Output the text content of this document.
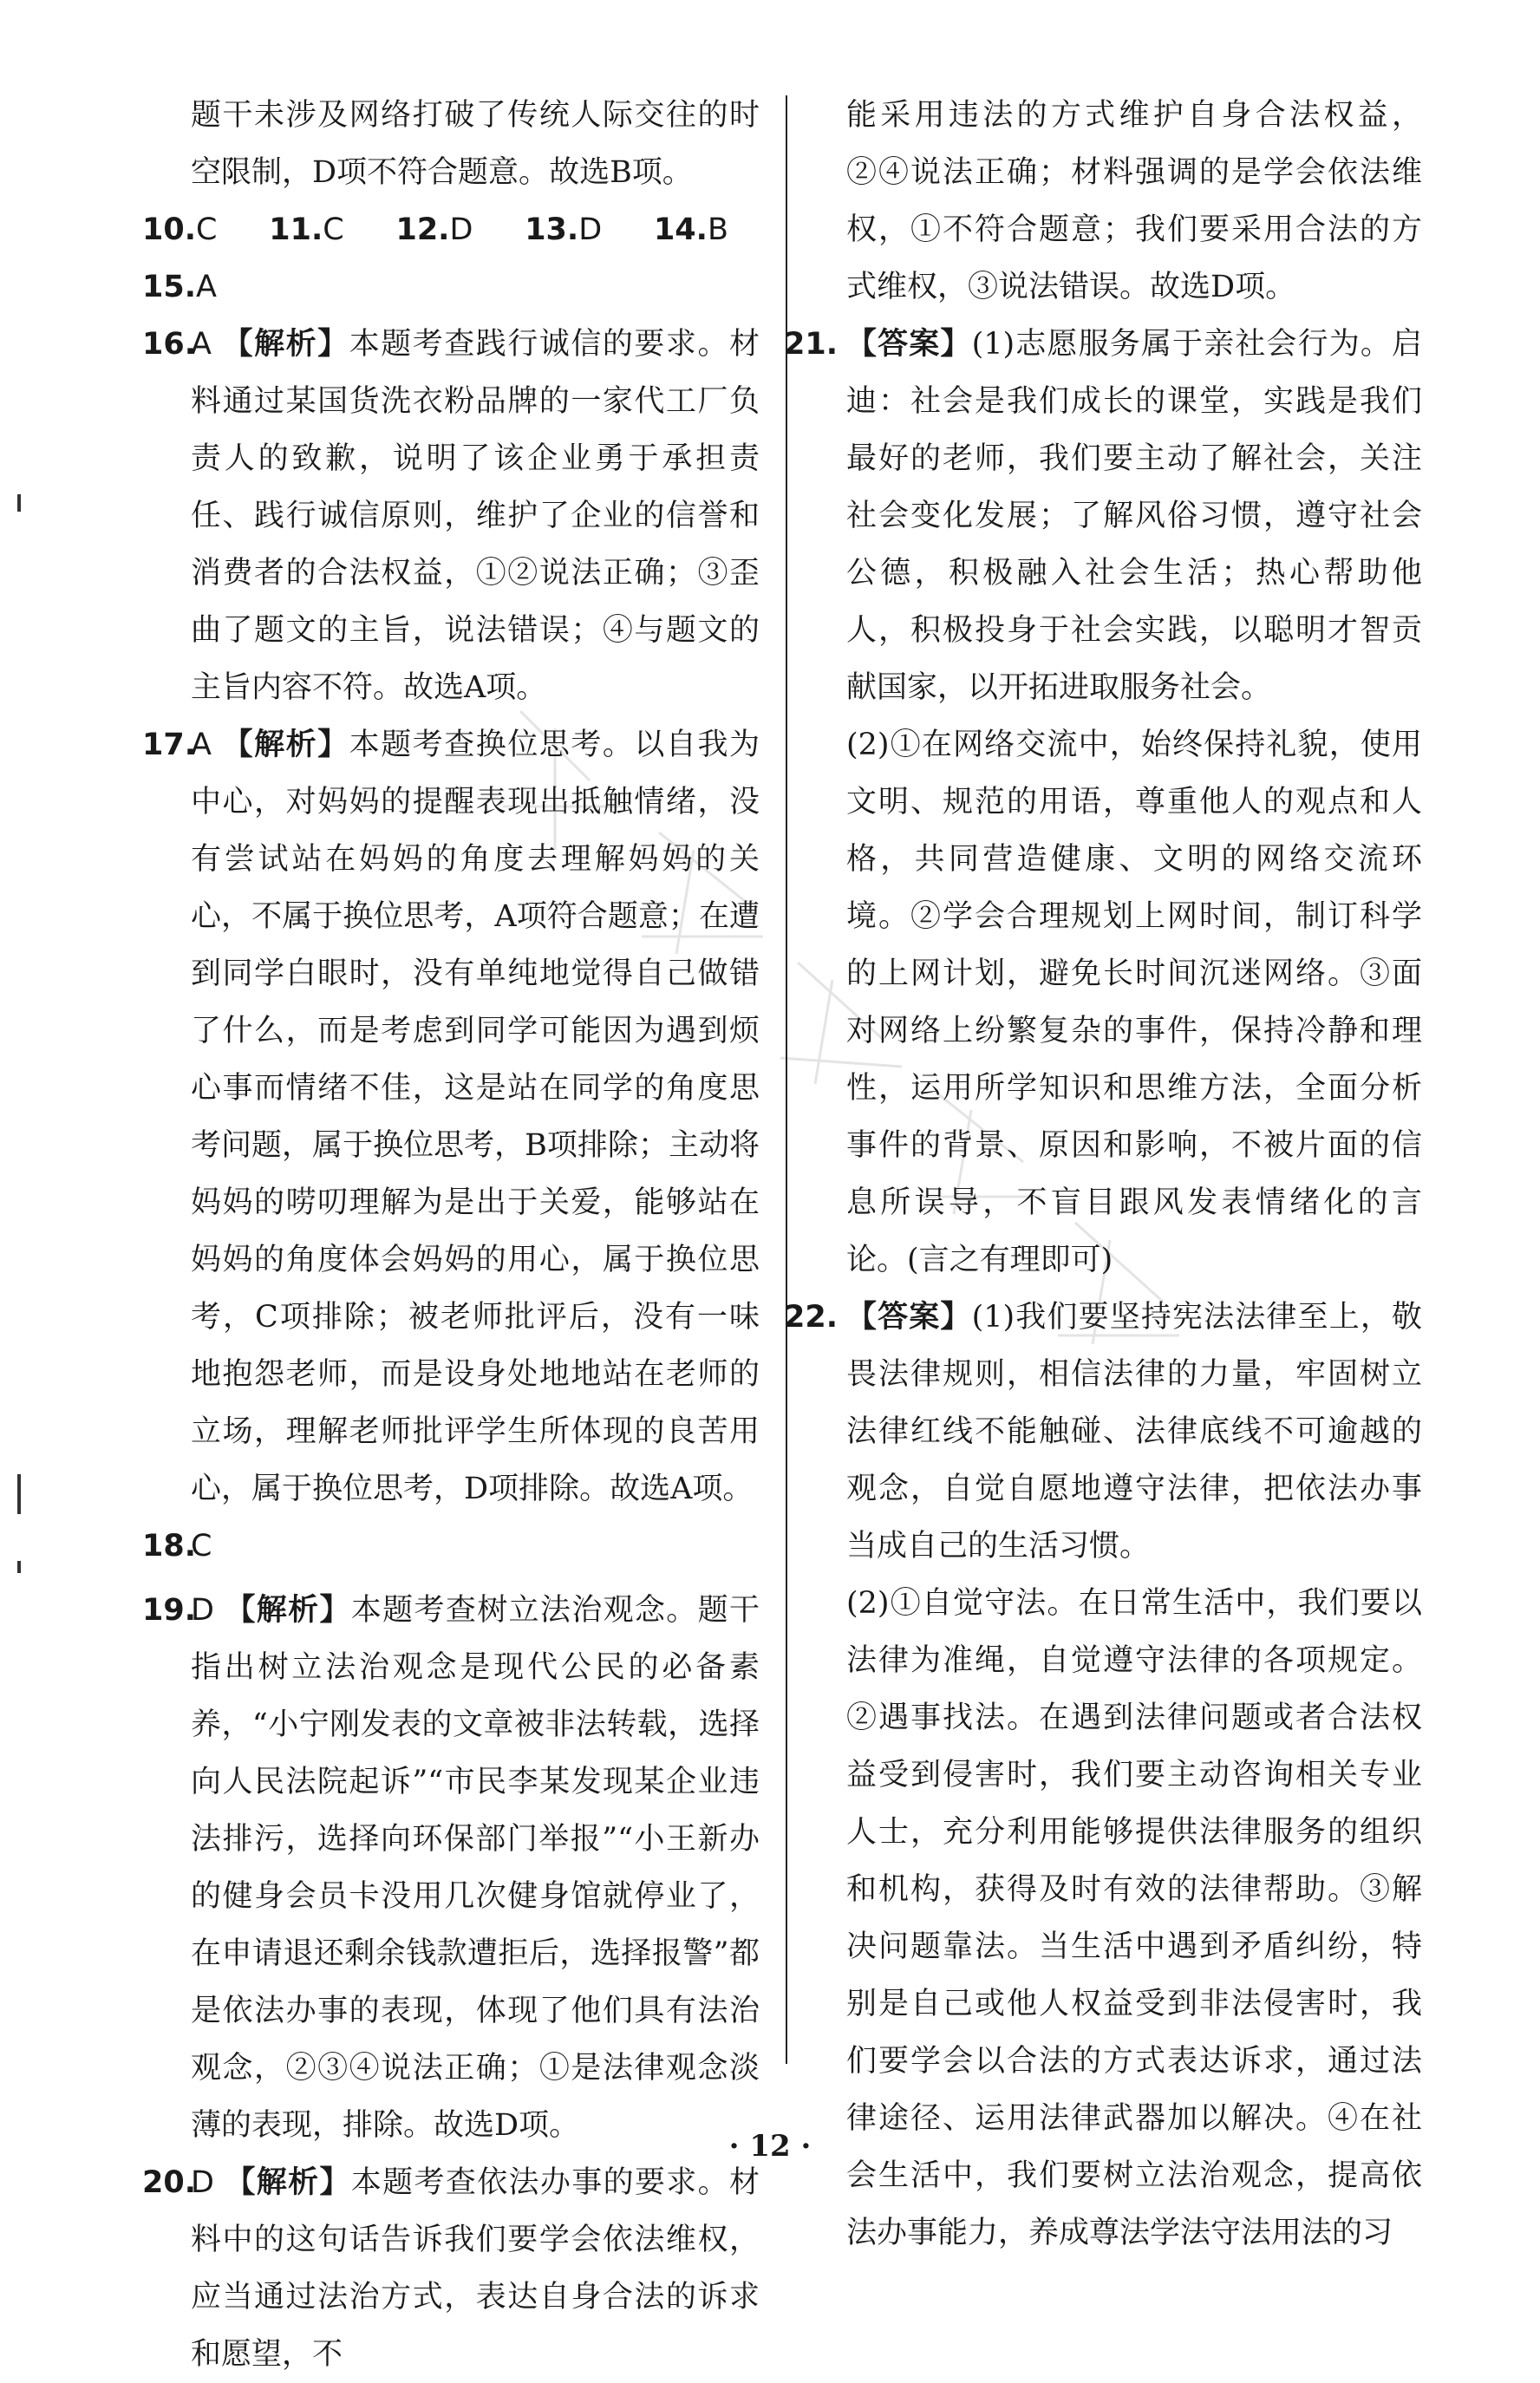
题干未涉及网络打破了传统人际交往的时空限制，D项不符合题意。故选B项。

10.C 11.C 12.D 13.D 14.B 15.A

16.
A 【解析】本题考查践行诚信的要求。材料通过某国货洗衣粉品牌的一家代工厂负责人的致歉，说明了该企业勇于承担责任、践行诚信原则，维护了企业的信誉和消费者的合法权益，①②说法正确；③歪曲了题文的主旨，说法错误；④与题文的主旨内容不符。故选A项。
17.
A 【解析】本题考查换位思考。以自我为中心，对妈妈的提醒表现出抵触情绪，没有尝试站在妈妈的角度去理解妈妈的关心，不属于换位思考，A项符合题意；在遭到同学白眼时，没有单纯地觉得自己做错了什么，而是考虑到同学可能因为遇到烦心事而情绪不佳，这是站在同学的角度思考问题，属于换位思考，B项排除；主动将妈妈的唠叨理解为是出于关爱，能够站在妈妈的角度体会妈妈的用心，属于换位思考，C项排除；被老师批评后，没有一味地抱怨老师，而是设身处地地站在老师的立场，理解老师批评学生所体现的良苦用心，属于换位思考，D项排除。故选A项。
18.
C
19.
D 【解析】本题考查树立法治观念。题干指出树立法治观念是现代公民的必备素养，“小宁刚发表的文章被非法转载，选择向人民法院起诉”“市民李某发现某企业违法排污，选择向环保部门举报”“小王新办的健身会员卡没用几次健身馆就停业了，在申请退还剩余钱款遭拒后，选择报警”都是依法办事的表现，体现了他们具有法治观念，②③④说法正确；①是法律观念淡薄的表现，排除。故选D项。
20.
D 【解析】本题考查依法办事的要求。材料中的这句话告诉我们要学会依法维权，应当通过法治方式，表达自身合法的诉求和愿望，不

能采用违法的方式维护自身合法权益，②④说法正确；材料强调的是学会依法维权，①不符合题意；我们要采用合法的方式维权，③说法错误。故选D项。

21. 【答案】(1)志愿服务属于亲社会行为。启迪：社会是我们成长的课堂，实践是我们最好的老师，我们要主动了解社会，关注社会变化发展；了解风俗习惯，遵守社会公德，积极融入社会生活；热心帮助他人，积极投身于社会实践，以聪明才智贡献国家，以开拓进取服务社会。

(2)①在网络交流中，始终保持礼貌，使用文明、规范的用语，尊重他人的观点和人格，共同营造健康、文明的网络交流环境。②学会合理规划上网时间，制订科学的上网计划，避免长时间沉迷网络。③面对网络上纷繁复杂的事件，保持冷静和理性，运用所学知识和思维方法，全面分析事件的背景、原因和影响，不被片面的信息所误导，不盲目跟风发表情绪化的言论。(言之有理即可)

22. 【答案】(1)我们要坚持宪法法律至上，敬畏法律规则，相信法律的力量，牢固树立法律红线不能触碰、法律底线不可逾越的观念，自觉自愿地遵守法律，把依法办事当成自己的生活习惯。

(2)①自觉守法。在日常生活中，我们要以法律为准绳，自觉遵守法律的各项规定。②遇事找法。在遇到法律问题或者合法权益受到侵害时，我们要主动咨询相关专业人士，充分利用能够提供法律服务的组织和机构，获得及时有效的法律帮助。③解决问题靠法。当生活中遇到矛盾纠纷，特别是自己或他人权益受到非法侵害时，我们要学会以合法的方式表达诉求，通过法律途径、运用法律武器加以解决。④在社会生活中，我们要树立法治观念，提高依法办事能力，养成尊法学法守法用法的习

· 12 ·
